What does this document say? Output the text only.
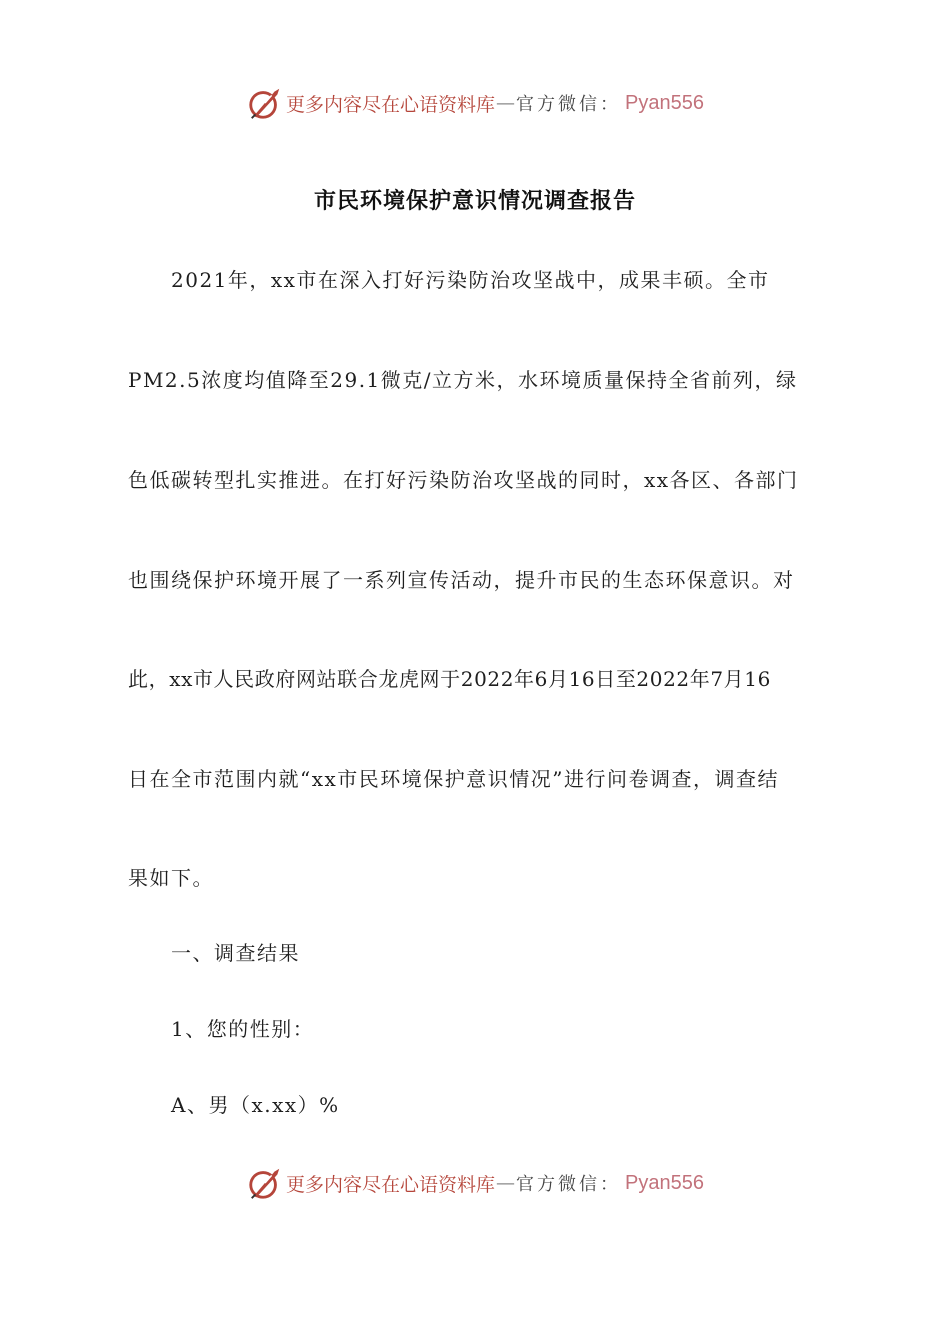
更多内容尽在心语资料库 — 官方微信： Pyan556
市民环境保护意识情况调查报告
2021年，xx市在深入打好污染防治攻坚战中，成果丰硕。全市
PM2.5浓度均值降至29.1微克/立方米，水环境质量保持全省前列，绿
色低碳转型扎实推进。在打好污染防治攻坚战的同时，xx各区、各部门
也围绕保护环境开展了一系列宣传活动，提升市民的生态环保意识。对
此，xx市人民政府网站联合龙虎网于2022年6月16日至2022年7月16
日在全市范围内就“xx市民环境保护意识情况”进行问卷调查，调查结
果如下。
一、调查结果
1、您的性别：
A、男（x.xx）%
更多内容尽在心语资料库 — 官方微信： Pyan556
